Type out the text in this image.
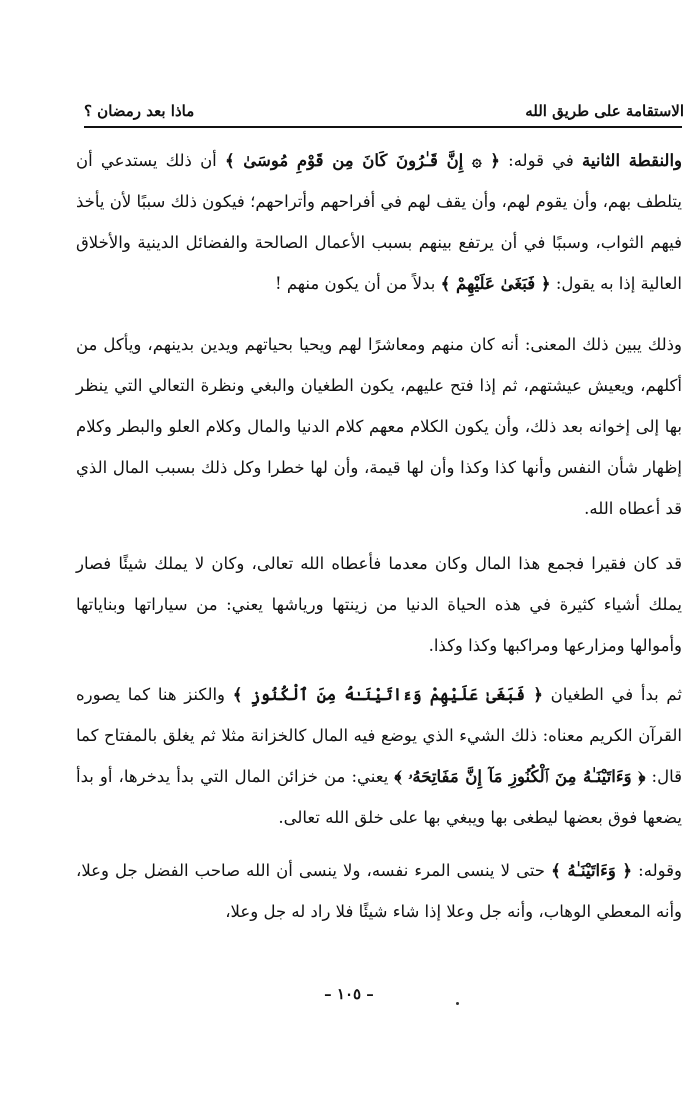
الاستقامة على طريق الله
ماذا بعد رمضان ؟

والنقطة الثانية في قوله: ﴿ ۞ إِنَّ قَـٰرُونَ كَانَ مِن قَوْمِ مُوسَىٰ ﴾ أن ذلك يستدعي أن يتلطف بهم، وأن يقوم لهم، وأن يقف لهم في أفراحهم وأتراحهم؛ فيكون ذلك سببًا لأن يأخذ فيهم الثواب، وسببًا في أن يرتفع بينهم بسبب الأعمال الصالحة والفضائل الدينية والأخلاق العالية إذا به يقول: ﴿ فَبَغَىٰ عَلَيْهِمْ ﴾ بدلاً من أن يكون منهم !

وذلك يبين ذلك المعنى: أنه كان منهم ومعاشرًا لهم ويحيا بحياتهم ويدين بدينهم، ويأكل من أكلهم، ويعيش عيشتهم، ثم إذا فتح عليهم، يكون الطغيان والبغي ونظرة التعالي التي ينظر بها إلى إخوانه بعد ذلك، وأن يكون الكلام معهم كلام الدنيا والمال وكلام العلو والبطر وكلام إظهار شأن النفس وأنها كذا وكذا وأن لها قيمة، وأن لها خطرا وكل ذلك بسبب المال الذي قد أعطاه الله.

قد كان فقيرا فجمع هذا المال وكان معدما فأعطاه الله تعالى، وكان لا يملك شيئًا فصار يملك أشياء كثيرة في هذه الحياة الدنيا من زينتها ورياشها يعني: من سياراتها وبناياتها وأموالها ومزارعها ومراكبها وكذا وكذا.

ثم بدأ في الطغيان ﴿ فَبَغَىٰ عَلَيْهِمْ وَءَاتَيْنَـٰهُ مِنَ ٱلْكُنُوزِ ﴾ والكنز هنا كما يصوره القرآن الكريم معناه: ذلك الشيء الذي يوضع فيه المال كالخزانة مثلا ثم يغلق بالمفتاح كما قال: ﴿ وَءَاتَيْنَـٰهُ مِنَ ٱلْكُنُوزِ مَآ إِنَّ مَفَاتِحَهُۥ ﴾ يعني: من خزائن المال التي بدأ يدخرها، أو بدأ يضعها فوق بعضها ليطغى بها ويبغي بها على خلق الله تعالى.

وقوله: ﴿ وَءَاتَيْنَـٰهُ ﴾ حتى لا ينسى المرء نفسه، ولا ينسى أن الله صاحب الفضل جل وعلا، وأنه المعطي الوهاب، وأنه جل وعلا إذا شاء شيئًا فلا راد له جل وعلا،

– ١٠٥ –
